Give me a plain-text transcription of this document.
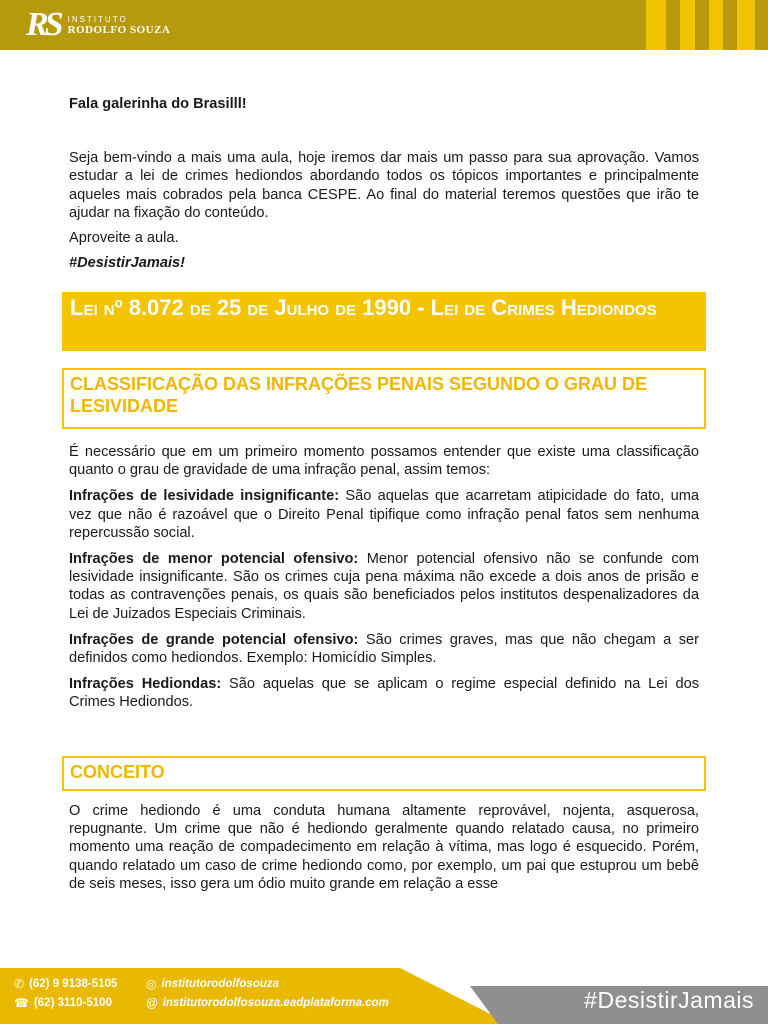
RS INSTITUTO
RODOLFO SOUZA

Fala galerinha do Brasilll!

Seja bem-vindo a mais uma aula, hoje iremos dar mais um passo para sua aprovação. Vamos estudar a lei de crimes hediondos abordando todos os tópicos importantes e principalmente aqueles mais cobrados pela banca CESPE. Ao final do material teremos questões que irão te ajudar na fixação do conteúdo.

Aproveite a aula.

#DesistirJamais!

Lei nº 8.072 de 25 de Julho de 1990 - Lei de Crimes Hediondos
CLASSIFICAÇÃO DAS INFRAÇÕES PENAIS SEGUNDO O GRAU DE LESIVIDADE

É necessário que em um primeiro momento possamos entender que existe uma classificação quanto o grau de gravidade de uma infração penal, assim temos:

Infrações de lesividade insignificante: São aquelas que acarretam atipicidade do fato, uma vez que não é razoável que o Direito Penal tipifique como infração penal fatos sem nenhuma repercussão social.

Infrações de menor potencial ofensivo: Menor potencial ofensivo não se confunde com lesividade insignificante. São os crimes cuja pena máxima não excede a dois anos de prisão e todas as contravenções penais, os quais são beneficiados pelos institutos despenalizadores da Lei de Juizados Especiais Criminais.

Infrações de grande potencial ofensivo: São crimes graves, mas que não chegam a ser definidos como hediondos. Exemplo: Homicídio Simples.

Infrações Hediondas: São aquelas que se aplicam o regime especial definido na Lei dos Crimes Hediondos.

CONCEITO

O crime hediondo é uma conduta humana altamente reprovável, nojenta, asquerosa, repugnante. Um crime que não é hediondo geralmente quando relatado causa, no primeiro momento uma reação de compadecimento em relação à vítima, mas logo é esquecido. Porém, quando relatado um caso de crime hediondo como, por exemplo, um pai que estuprou um bebê de seis meses, isso gera um ódio muito grande em relação a esse

✆ (62) 9 9138-5105
☎ (62) 3110-5100
◎ institutorodolfosouza
@ institutorodolfosouza.eadplataforma.com	#DesistirJamais
